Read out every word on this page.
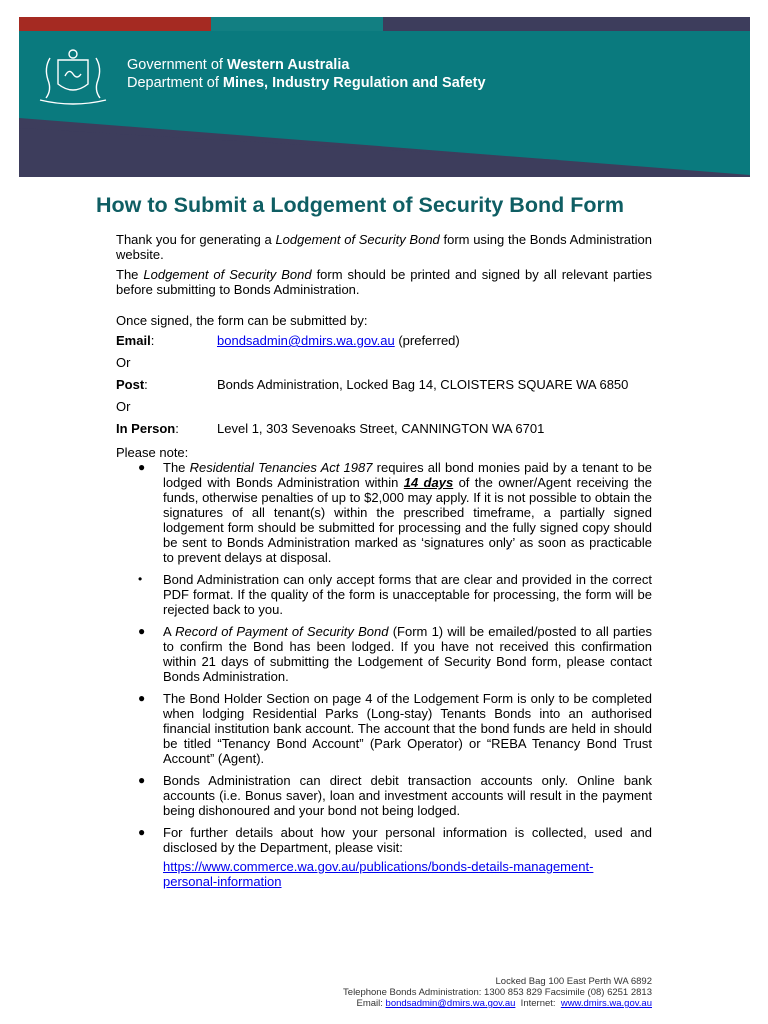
Government of Western Australia
Department of Mines, Industry Regulation and Safety
How to Submit a Lodgement of Security Bond Form

Thank you for generating a Lodgement of Security Bond form using the Bonds Administration website.

The Lodgement of Security Bond form should be printed and signed by all relevant parties before submitting to Bonds Administration.

Once signed, the form can be submitted by:

Email:	bondsadmin@dmirs.wa.gov.au (preferred)
Or
Post:	Bonds Administration, Locked Bag 14, CLOISTERS SQUARE WA 6850
Or
In Person:	Level 1, 303 Sevenoaks Street, CANNINGTON WA 6701
Please note:
● The Residential Tenancies Act 1987 requires all bond monies paid by a tenant to be lodged with Bonds Administration within 14 days of the owner/Agent receiving the funds, otherwise penalties of up to $2,000 may apply. If it is not possible to obtain the signatures of all tenant(s) within the prescribed timeframe, a partially signed lodgement form should be submitted for processing and the fully signed copy should be sent to Bonds Administration marked as ‘signatures only’ as soon as practicable to prevent delays at disposal.
• Bond Administration can only accept forms that are clear and provided in the correct PDF format. If the quality of the form is unacceptable for processing, the form will be rejected back to you.
● A Record of Payment of Security Bond (Form 1) will be emailed/posted to all parties to confirm the Bond has been lodged. If you have not received this confirmation within 21 days of submitting the Lodgement of Security Bond form, please contact Bonds Administration.
● The Bond Holder Section on page 4 of the Lodgement Form is only to be completed when lodging Residential Parks (Long-stay) Tenants Bonds into an authorised financial institution bank account. The account that the bond funds are held in should be titled “Tenancy Bond Account” (Park Operator) or “REBA Tenancy Bond Trust Account” (Agent).
● Bonds Administration can direct debit transaction accounts only. Online bank accounts (i.e. Bonus saver), loan and investment accounts will result in the payment being dishonoured and your bond not being lodged.
● For further details about how your personal information is collected, used and disclosed by the Department, please visit:
https://www.commerce.wa.gov.au/publications/bonds-details-management-
personal-information
Locked Bag 100 East Perth WA 6892
Telephone Bonds Administration: 1300 853 829 Facsimile (08) 6251 2813
Email: bondsadmin@dmirs.wa.gov.au  Internet:  www.dmirs.wa.gov.au
